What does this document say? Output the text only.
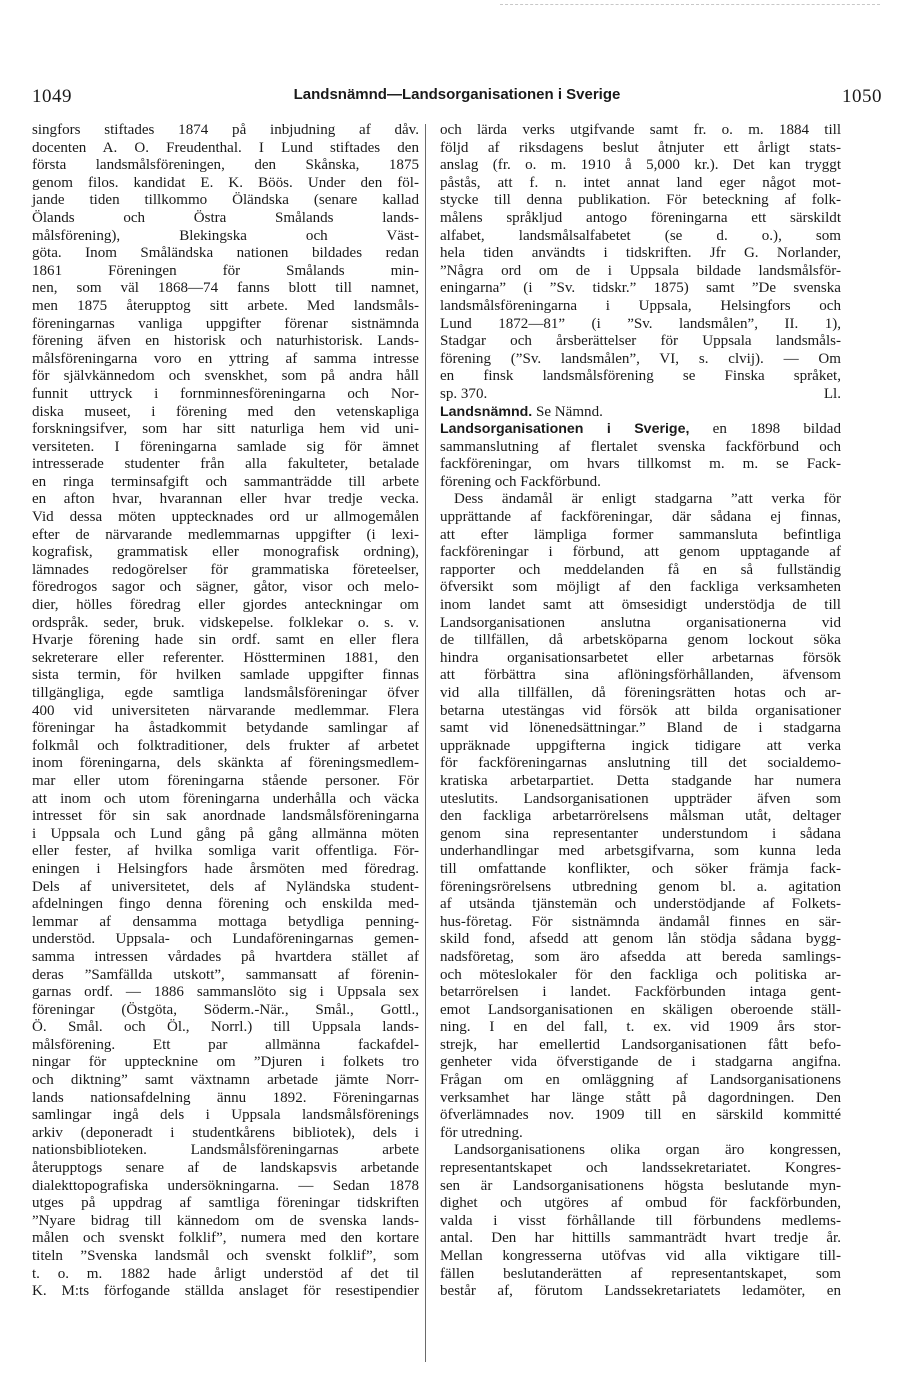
1049	Landsnämnd—Landsorganisationen i Sverige	1050
singfors stiftades 1874 på inbjudning af dåv.
docenten A. O. Freudenthal. I Lund stiftades den
första landsmålsföreningen, den Skånska, 1875
genom filos. kandidat E. K. Böös. Under den föl-
jande tiden tillkommo Öländska (senare kallad
Ölands och Östra Smålands lands-
målsförening), Blekingska och Väst-
göta. Inom Småländska nationen bildades redan
1861 Föreningen för Smålands min-
nen, som väl 1868—74 fanns blott till namnet,
men 1875 återupptog sitt arbete. Med landsmåls-
föreningarnas vanliga uppgifter förenar sistnämnda
förening äfven en historisk och naturhistorisk. Lands-
målsföreningarna voro en yttring af samma intresse
för självkännedom och svenskhet, som på andra håll
funnit uttryck i fornminnesföreningarna och Nor-
diska museet, i förening med den vetenskapliga
forskningsifver, som har sitt naturliga hem vid uni-
versiteten. I föreningarna samlade sig för ämnet
intresserade studenter från alla fakulteter, betalade
en ringa terminsafgift och sammanträdde till arbete
en afton hvar, hvarannan eller hvar tredje vecka.
Vid dessa möten upptecknades ord ur allmogemålen
efter de närvarande medlemmarnas uppgifter (i lexi-
kografisk, grammatisk eller monografisk ordning),
lämnades redogörelser för grammatiska företeelser,
föredrogos sagor och sägner, gåtor, visor och melo-
dier, hölles föredrag eller gjordes anteckningar om
ordspråk. seder, bruk. vidskepelse. folklekar o. s. v.
Hvarje förening hade sin ordf. samt en eller flera
sekreterare eller referenter. Höstterminen 1881, den
sista termin, för hvilken samlade uppgifter finnas
tillgängliga, egde samtliga landsmålsföreningar öfver
400 vid universiteten närvarande medlemmar. Flera
föreningar ha åstadkommit betydande samlingar af
folkmål och folktraditioner, dels frukter af arbetet
inom föreningarna, dels skänkta af föreningsmedlem-
mar eller utom föreningarna stående personer. För
att inom och utom föreningarna underhålla och väcka
intresset för sin sak anordnade landsmålsföreningarna
i Uppsala och Lund gång på gång allmänna möten
eller fester, af hvilka somliga varit offentliga. För-
eningen i Helsingfors hade årsmöten med föredrag.
Dels af universitetet, dels af Nyländska student-
afdelningen fingo denna förening och enskilda med-
lemmar af densamma mottaga betydliga penning-
understöd. Uppsala- och Lundaföreningarnas gemen-
samma intressen vårdades på hvartdera stället af
deras ”Samfällda utskott”, sammansatt af förenin-
garnas ordf. — 1886 sammanslöto sig i Uppsala sex
föreningar (Östgöta, Söderm.-När., Smål., Gottl.,
Ö. Smål. och Öl., Norrl.) till Uppsala lands-
målsförening. Ett par allmänna fackafdel-
ningar för upptecknine om ”Djuren i folkets tro
och diktning” samt växtnamn arbetade jämte Norr-
lands nationsafdelning ännu 1892. Föreningarnas
samlingar ingå dels i Uppsala landsmålsförenings
arkiv (deponeradt i studentkårens bibliotek), dels i
nationsbiblioteken. Landsmålsföreningarnas arbete
återupptogs senare af de landskapsvis arbetande
dialekttopografiska undersökningarna. — Sedan 1878
utges på uppdrag af samtliga föreningar tidskriften
”Nyare bidrag till kännedom om de svenska lands-
målen och svenskt folklif”, numera med den kortare
titeln ”Svenska landsmål och svenskt folklif”, som
t. o. m. 1882 hade årligt understöd af det til
K. M:ts förfogande ställda anslaget för resestipendier
och lärda verks utgifvande samt fr. o. m. 1884 till
följd af riksdagens beslut åtnjuter ett årligt stats-
anslag (fr. o. m. 1910 å 5,000 kr.). Det kan tryggt
påstås, att f. n. intet annat land eger något mot-
stycke till denna publikation. För beteckning af folk-
målens språkljud antogo föreningarna ett särskildt
alfabet, landsmålsalfabetet (se d. o.), som
hela tiden användts i tidskriften. Jfr G. Norlander,
”Några ord om de i Uppsala bildade landsmålsför-
eningarna” (i ”Sv. tidskr.” 1875) samt ”De svenska
landsmålsföreningarna i Uppsala, Helsingfors och
Lund 1872—81” (i ”Sv. landsmålen”, II. 1),
Stadgar och årsberättelser för Uppsala landsmåls-
förening (”Sv. landsmålen”, VI, s. clvij). — Om
en finsk landsmålsförening se Finska språket,
sp. 370.	Ll.
Landsnämnd. Se Nämnd.
Landsorganisationen i Sverige, en 1898 bildad
sammanslutning af flertalet svenska fackförbund och
fackföreningar, om hvars tillkomst m. m. se Fack-
förening och Fackförbund.
Dess ändamål är enligt stadgarna ”att verka för
upprättande af fackföreningar, där sådana ej finnas,
att efter lämpliga former sammansluta befintliga
fackföreningar i förbund, att genom upptagande af
rapporter och meddelanden få en så fullständig
öfversikt som möjligt af den fackliga verksamheten
inom landet samt att ömsesidigt understödja de till
Landsorganisationen anslutna organisationerna vid
de tillfällen, då arbetsköparna genom lockout söka
hindra organisationsarbetet eller arbetarnas försök
att förbättra sina aflöningsförhållanden, äfvensom
vid alla tillfällen, då föreningsrätten hotas och ar-
betarna utestängas vid försök att bilda organisationer
samt vid lönenedsättningar.” Bland de i stadgarna
uppräknade uppgifterna ingick tidigare att verka
för fackföreningarnas anslutning till det socialdemo-
kratiska arbetarpartiet. Detta stadgande har numera
uteslutits. Landsorganisationen uppträder äfven som
den fackliga arbetarrörelsens målsman utåt, deltager
genom sina representanter understundom i sådana
underhandlingar med arbetsgifvarna, som kunna leda
till omfattande konflikter, och söker främja fack-
föreningsrörelsens utbredning genom bl. a. agitation
af utsända tjänstemän och understödjande af Folkets-
hus-företag. För sistnämnda ändamål finnes en sär-
skild fond, afsedd att genom lån stödja sådana bygg-
nadsföretag, som äro afsedda att bereda samlings-
och möteslokaler för den fackliga och politiska ar-
betarrörelsen i landet. Fackförbunden intaga gent-
emot Landsorganisationen en skäligen oberoende ställ-
ning. I en del fall, t. ex. vid 1909 års stor-
strejk, har emellertid Landsorganisationen fått befo-
genheter vida öfverstigande de i stadgarna angifna.
Frågan om en omläggning af Landsorganisationens
verksamhet har länge stått på dagordningen. Den
öfverlämnades nov. 1909 till en särskild kommitté
för utredning.
Landsorganisationens olika organ äro kongressen,
representantskapet och landssekretariatet. Kongres-
sen är Landsorganisationens högsta beslutande myn-
dighet och utgöres af ombud för fackförbunden,
valda i visst förhållande till förbundens medlems-
antal. Den har hittills sammanträdt hvart tredje år.
Mellan kongresserna utöfvas vid alla viktigare till-
fällen beslutanderätten af representantskapet, som
består af, förutom Landssekretariatets ledamöter, en
